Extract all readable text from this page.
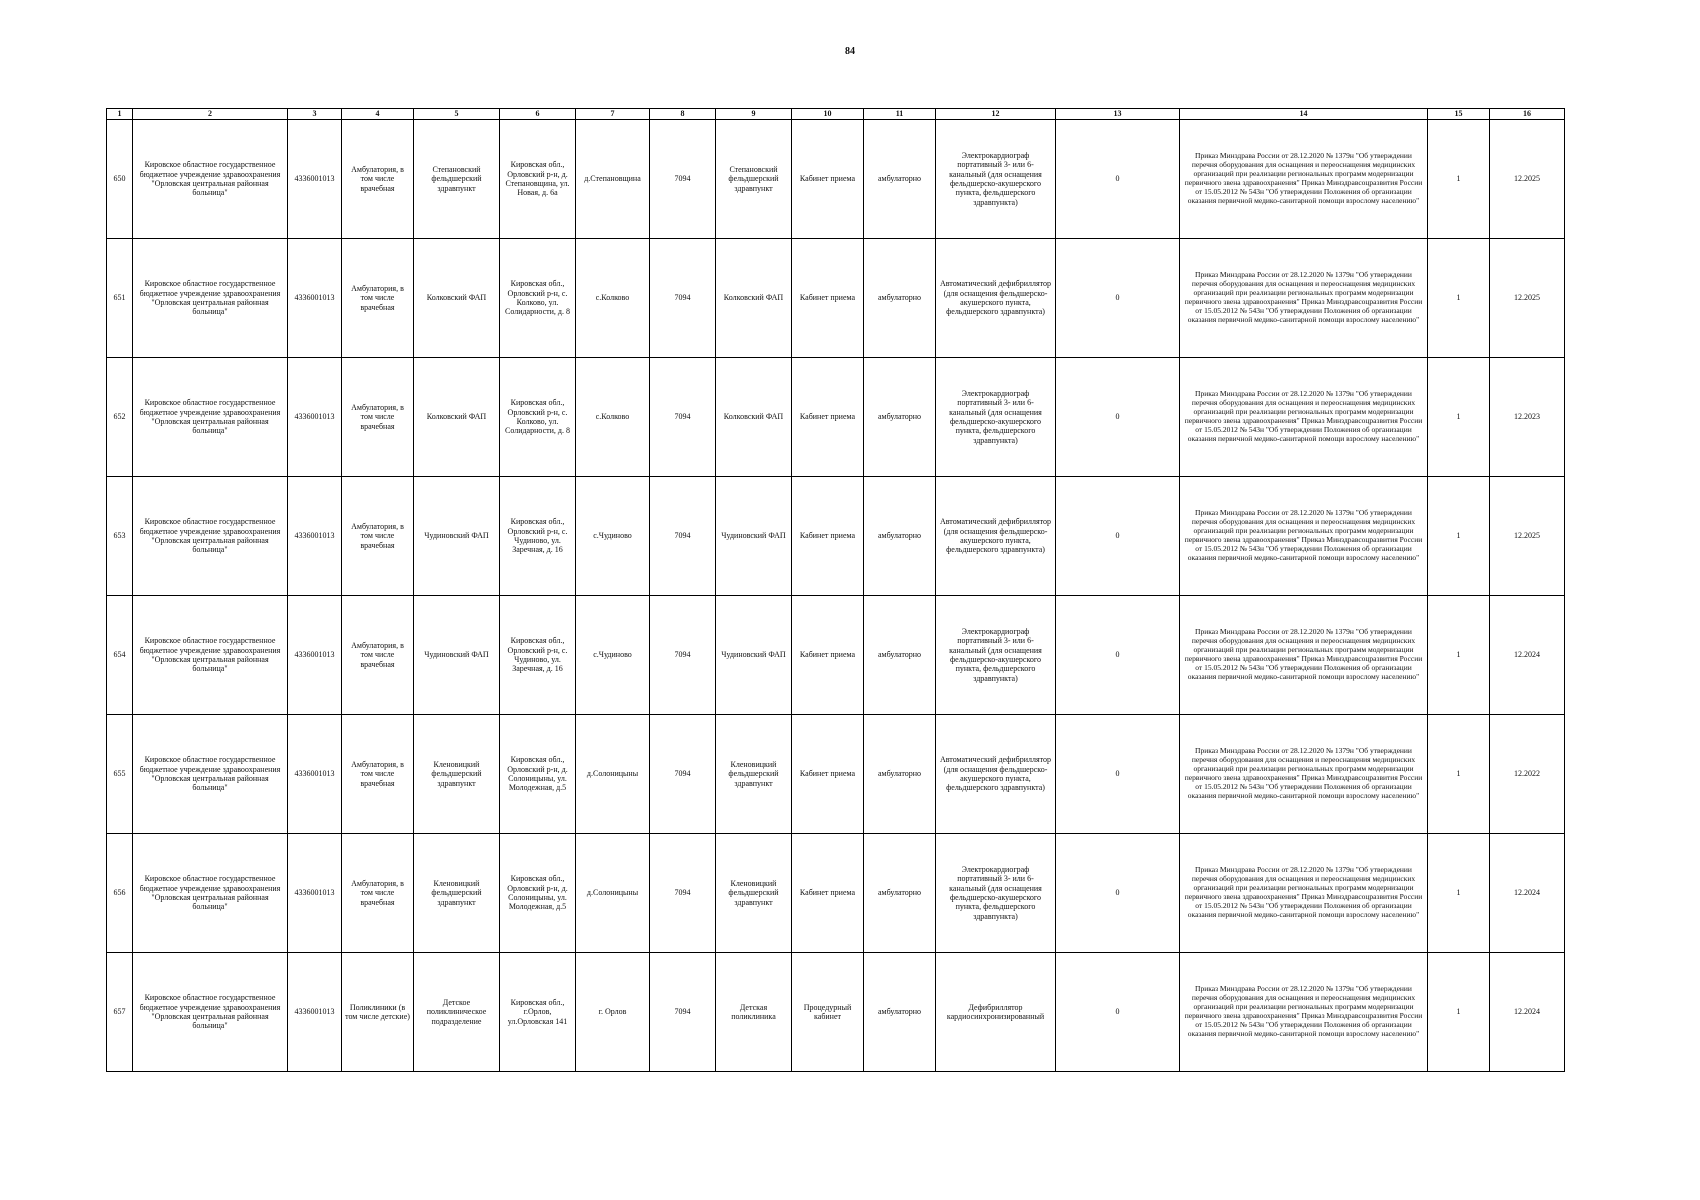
84
1	2	3	4	5	6	7	8	9	10	11	12	13	14	15	16
650	Кировское областное государственное бюджетное учреждение здравоохранения "Орловская центральная районная больница"	4336001013	Амбулатория, в том числе врачебная	Степановский фельдшерский здравпункт	Кировская обл., Орловский р-н, д. Степановщина, ул. Новая, д. 6а	д.Степановщина	7094	Степановский фельдшерский здравпункт	Кабинет приема	амбулаторно	Электрокардиограф портативный 3- или 6-канальный (для оснащения фельдшерско-акушерского пункта, фельдшерского здравпункта)	0	Приказ Минздрава России от 28.12.2020 № 1379н "Об утверждении перечня оборудования для оснащения и переоснащения медицинских организаций при реализации региональных программ модернизации первичного звена здравоохранения" Приказ Минздравсоцразвития России от 15.05.2012 № 543н "Об утверждении Положения об организации оказания первичной медико-санитарной помощи взрослому населению"	1	12.2025
651	Кировское областное государственное бюджетное учреждение здравоохранения "Орловская центральная районная больница"	4336001013	Амбулатория, в том числе врачебная	Колковский ФАП	Кировская обл., Орловский р-н, с. Колково, ул. Солидарности, д. 8	с.Колково	7094	Колковский ФАП	Кабинет приема	амбулаторно	Автоматический дефибриллятор (для оснащения фельдшерско-акушерского пункта, фельдшерского здравпункта)	0	Приказ Минздрава России от 28.12.2020 № 1379н "Об утверждении перечня оборудования для оснащения и переоснащения медицинских организаций при реализации региональных программ модернизации первичного звена здравоохранения" Приказ Минздравсоцразвития России от 15.05.2012 № 543н "Об утверждении Положения об организации оказания первичной медико-санитарной помощи взрослому населению"	1	12.2025
652	Кировское областное государственное бюджетное учреждение здравоохранения "Орловская центральная районная больница"	4336001013	Амбулатория, в том числе врачебная	Колковский ФАП	Кировская обл., Орловский р-н, с. Колково, ул. Солидарности, д. 8	с.Колково	7094	Колковский ФАП	Кабинет приема	амбулаторно	Электрокардиограф портативный 3- или 6-канальный (для оснащения фельдшерско-акушерского пункта, фельдшерского здравпункта)	0	Приказ Минздрава России от 28.12.2020 № 1379н "Об утверждении перечня оборудования для оснащения и переоснащения медицинских организаций при реализации региональных программ модернизации первичного звена здравоохранения" Приказ Минздравсоцразвития России от 15.05.2012 № 543н "Об утверждении Положения об организации оказания первичной медико-санитарной помощи взрослому населению"	1	12.2023
653	Кировское областное государственное бюджетное учреждение здравоохранения "Орловская центральная районная больница"	4336001013	Амбулатория, в том числе врачебная	Чудиновский ФАП	Кировская обл., Орловский р-н, с. Чудиново, ул. Заречная, д. 16	с.Чудиново	7094	Чудиновский ФАП	Кабинет приема	амбулаторно	Автоматический дефибриллятор (для оснащения фельдшерско-акушерского пункта, фельдшерского здравпункта)	0	Приказ Минздрава России от 28.12.2020 № 1379н "Об утверждении перечня оборудования для оснащения и переоснащения медицинских организаций при реализации региональных программ модернизации первичного звена здравоохранения" Приказ Минздравсоцразвития России от 15.05.2012 № 543н "Об утверждении Положения об организации оказания первичной медико-санитарной помощи взрослому населению"	1	12.2025
654	Кировское областное государственное бюджетное учреждение здравоохранения "Орловская центральная районная больница"	4336001013	Амбулатория, в том числе врачебная	Чудиновский ФАП	Кировская обл., Орловский р-н, с. Чудиново, ул. Заречная, д. 16	с.Чудиново	7094	Чудиновский ФАП	Кабинет приема	амбулаторно	Электрокардиограф портативный 3- или 6-канальный (для оснащения фельдшерско-акушерского пункта, фельдшерского здравпункта)	0	Приказ Минздрава России от 28.12.2020 № 1379н "Об утверждении перечня оборудования для оснащения и переоснащения медицинских организаций при реализации региональных программ модернизации первичного звена здравоохранения" Приказ Минздравсоцразвития России от 15.05.2012 № 543н "Об утверждении Положения об организации оказания первичной медико-санитарной помощи взрослому населению"	1	12.2024
655	Кировское областное государственное бюджетное учреждение здравоохранения "Орловская центральная районная больница"	4336001013	Амбулатория, в том числе врачебная	Кленовицкий фельдшерский здравпункт	Кировская обл., Орловский р-н, д. Солоницыны, ул. Молодежная, д.5	д.Солоницыны	7094	Кленовицкий фельдшерский здравпункт	Кабинет приема	амбулаторно	Автоматический дефибриллятор (для оснащения фельдшерско-акушерского пункта, фельдшерского здравпункта)	0	Приказ Минздрава России от 28.12.2020 № 1379н "Об утверждении перечня оборудования для оснащения и переоснащения медицинских организаций при реализации региональных программ модернизации первичного звена здравоохранения" Приказ Минздравсоцразвития России от 15.05.2012 № 543н "Об утверждении Положения об организации оказания первичной медико-санитарной помощи взрослому населению"	1	12.2022
656	Кировское областное государственное бюджетное учреждение здравоохранения "Орловская центральная районная больница"	4336001013	Амбулатория, в том числе врачебная	Кленовицкий фельдшерский здравпункт	Кировская обл., Орловский р-н, д. Солоницыны, ул. Молодежная, д.5	д.Солоницыны	7094	Кленовицкий фельдшерский здравпункт	Кабинет приема	амбулаторно	Электрокардиограф портативный 3- или 6-канальный (для оснащения фельдшерско-акушерского пункта, фельдшерского здравпункта)	0	Приказ Минздрава России от 28.12.2020 № 1379н "Об утверждении перечня оборудования для оснащения и переоснащения медицинских организаций при реализации региональных программ модернизации первичного звена здравоохранения" Приказ Минздравсоцразвития России от 15.05.2012 № 543н "Об утверждении Положения об организации оказания первичной медико-санитарной помощи взрослому населению"	1	12.2024
657	Кировское областное государственное бюджетное учреждение здравоохранения "Орловская центральная районная больница"	4336001013	Поликлиники (в том числе детские)	Детское поликлиническое подразделение	Кировская обл., г.Орлов, ул.Орловская 141	г. Орлов	7094	Детская поликлиника	Процедурный кабинет	амбулаторно	Дефибриллятор кардиосинхронизированный	0	Приказ Минздрава России от 28.12.2020 № 1379н "Об утверждении перечня оборудования для оснащения и переоснащения медицинских организаций при реализации региональных программ модернизации первичного звена здравоохранения" Приказ Минздравсоцразвития России от 15.05.2012 № 543н "Об утверждении Положения об организации оказания первичной медико-санитарной помощи взрослому населению"	1	12.2024
